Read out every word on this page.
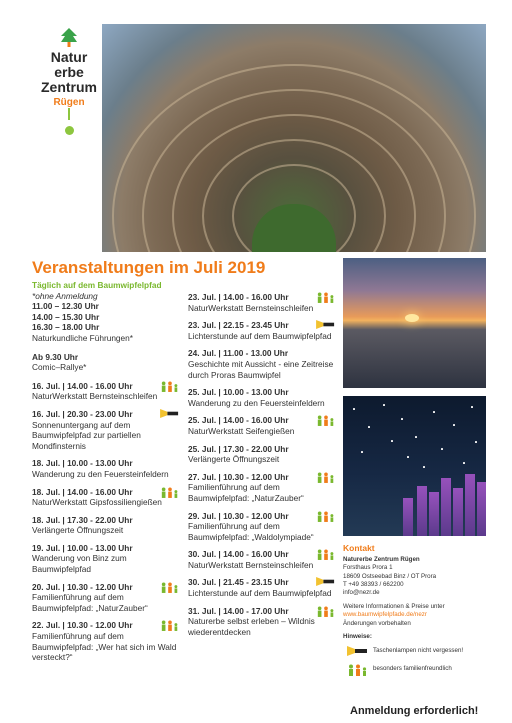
Natur
erbe
Zentrum
Rügen
Veranstaltungen im Juli 2019
Täglich auf dem Baumwipfelpfad
*ohne Anmeldung
11.00 – 12.30 Uhr
14.00 – 15.30 Uhr
16.30 – 18.00 Uhr
Naturkundliche Führungen*
Ab 9.30 Uhr
Comic–Rallye*
16. Jul. | 14.00 - 16.00 Uhr
NaturWerkstatt Bernsteinschleifen
16. Jul. | 20.30 - 23.00 Uhr
Sonnenuntergang auf dem Baumwipfelpfad zur partiellen Mondfinsternis
18. Jul. | 10.00 - 13.00 Uhr
Wanderung zu den Feuersteinfeldern
18. Jul. | 14.00 - 16.00 Uhr
NaturWerkstatt Gipsfossiliengießen
18. Jul. | 17.30 - 22.00 Uhr
Verlängerte Öffnungszeit
19. Jul. | 10.00 - 13.00 Uhr
Wanderung von Binz zum Baumwipfelpfad
20. Jul. | 10.30 - 12.00 Uhr
Familienführung auf dem Baumwipfelpfad: „NaturZauber“
22. Jul. | 10.30 - 12.00 Uhr
Familienführung auf dem Baumwipfelpfad: „Wer hat sich im Wald versteckt?“
23. Jul. | 14.00 - 16.00 Uhr
NaturWerkstatt Bernsteinschleifen
23. Jul. | 22.15 - 23.45 Uhr
Lichterstunde auf dem Baumwipfelpfad
24. Jul. | 11.00 - 13.00 Uhr
Geschichte mit Aussicht - eine Zeitreise durch Proras Baumwipfel
25. Jul. | 10.00 - 13.00 Uhr
Wanderung zu den Feuersteinfeldern
25. Jul. | 14.00 - 16.00 Uhr
NaturWerkstatt Seifengießen
25. Jul. | 17.30 - 22.00 Uhr
Verlängerte Öffnungszeit
27. Jul. | 10.30 - 12.00 Uhr
Familienführung auf dem Baumwipfelpfad: „NaturZauber“
29. Jul. | 10.30 - 12.00 Uhr
Familienführung auf dem Baumwipfelpfad: „Waldolympiade“
30. Jul. | 14.00 - 16.00 Uhr
NaturWerkstatt Bernsteinschleifen
30. Jul. | 21.45 - 23.15 Uhr
Lichterstunde auf dem Baumwipfelpfad
31. Jul. | 14.00 - 17.00 Uhr
Naturerbe selbst erleben – Wildnis wiederentdecken
Kontakt
Naturerbe Zentrum Rügen
Forsthaus Prora 1
18609 Ostseebad Binz / OT Prora
T +49 38393 / 662200
info@nezr.de
Weitere Informationen & Preise unter
www.baumwipfelpfade.de/nezr
Änderungen vorbehalten
Hinweise:
Taschenlampen nicht vergessen!
besonders familienfreundlich
Anmeldung erforderlich!
